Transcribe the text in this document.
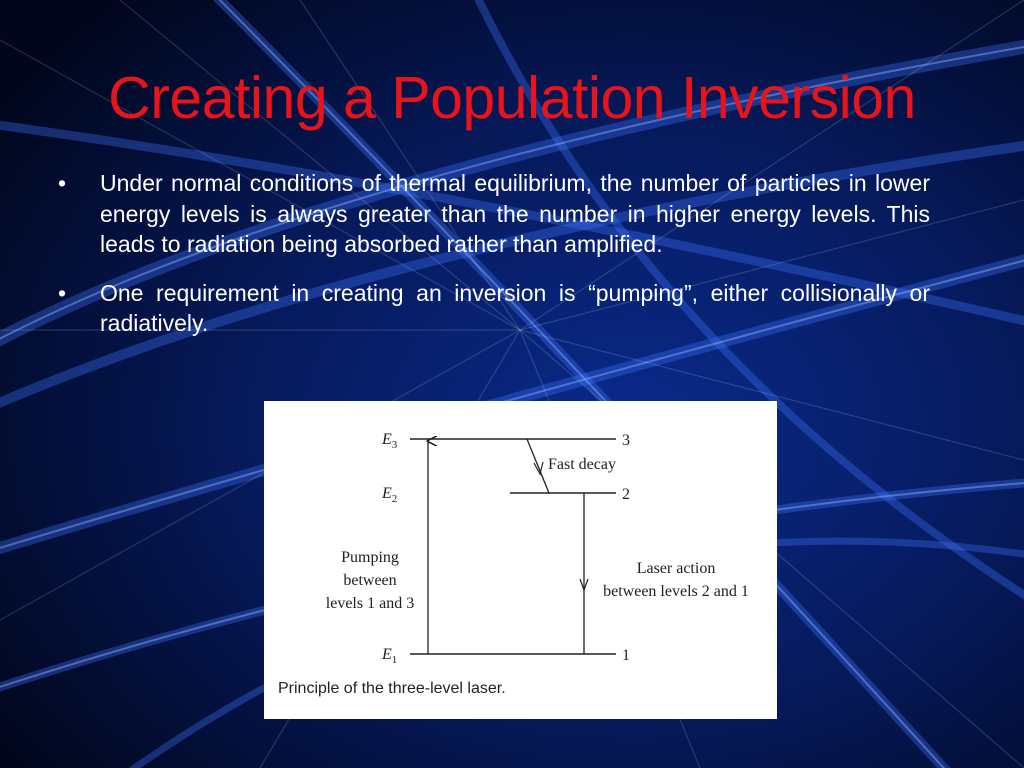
Creating a Population Inversion
• Under normal conditions of thermal equilibrium, the number of particles in lower energy levels is always greater than the number in higher energy levels. This leads to radiation being absorbed rather than amplified.
• One requirement in creating an inversion is “pumping”, either collisionally or radiatively.
$E_3$
$E_2$
$E_1$
3
2
1
Fast decay
Pumping
between
levels 1 and 3
Laser action
between levels 2 and 1
Principle of the three-level laser.
